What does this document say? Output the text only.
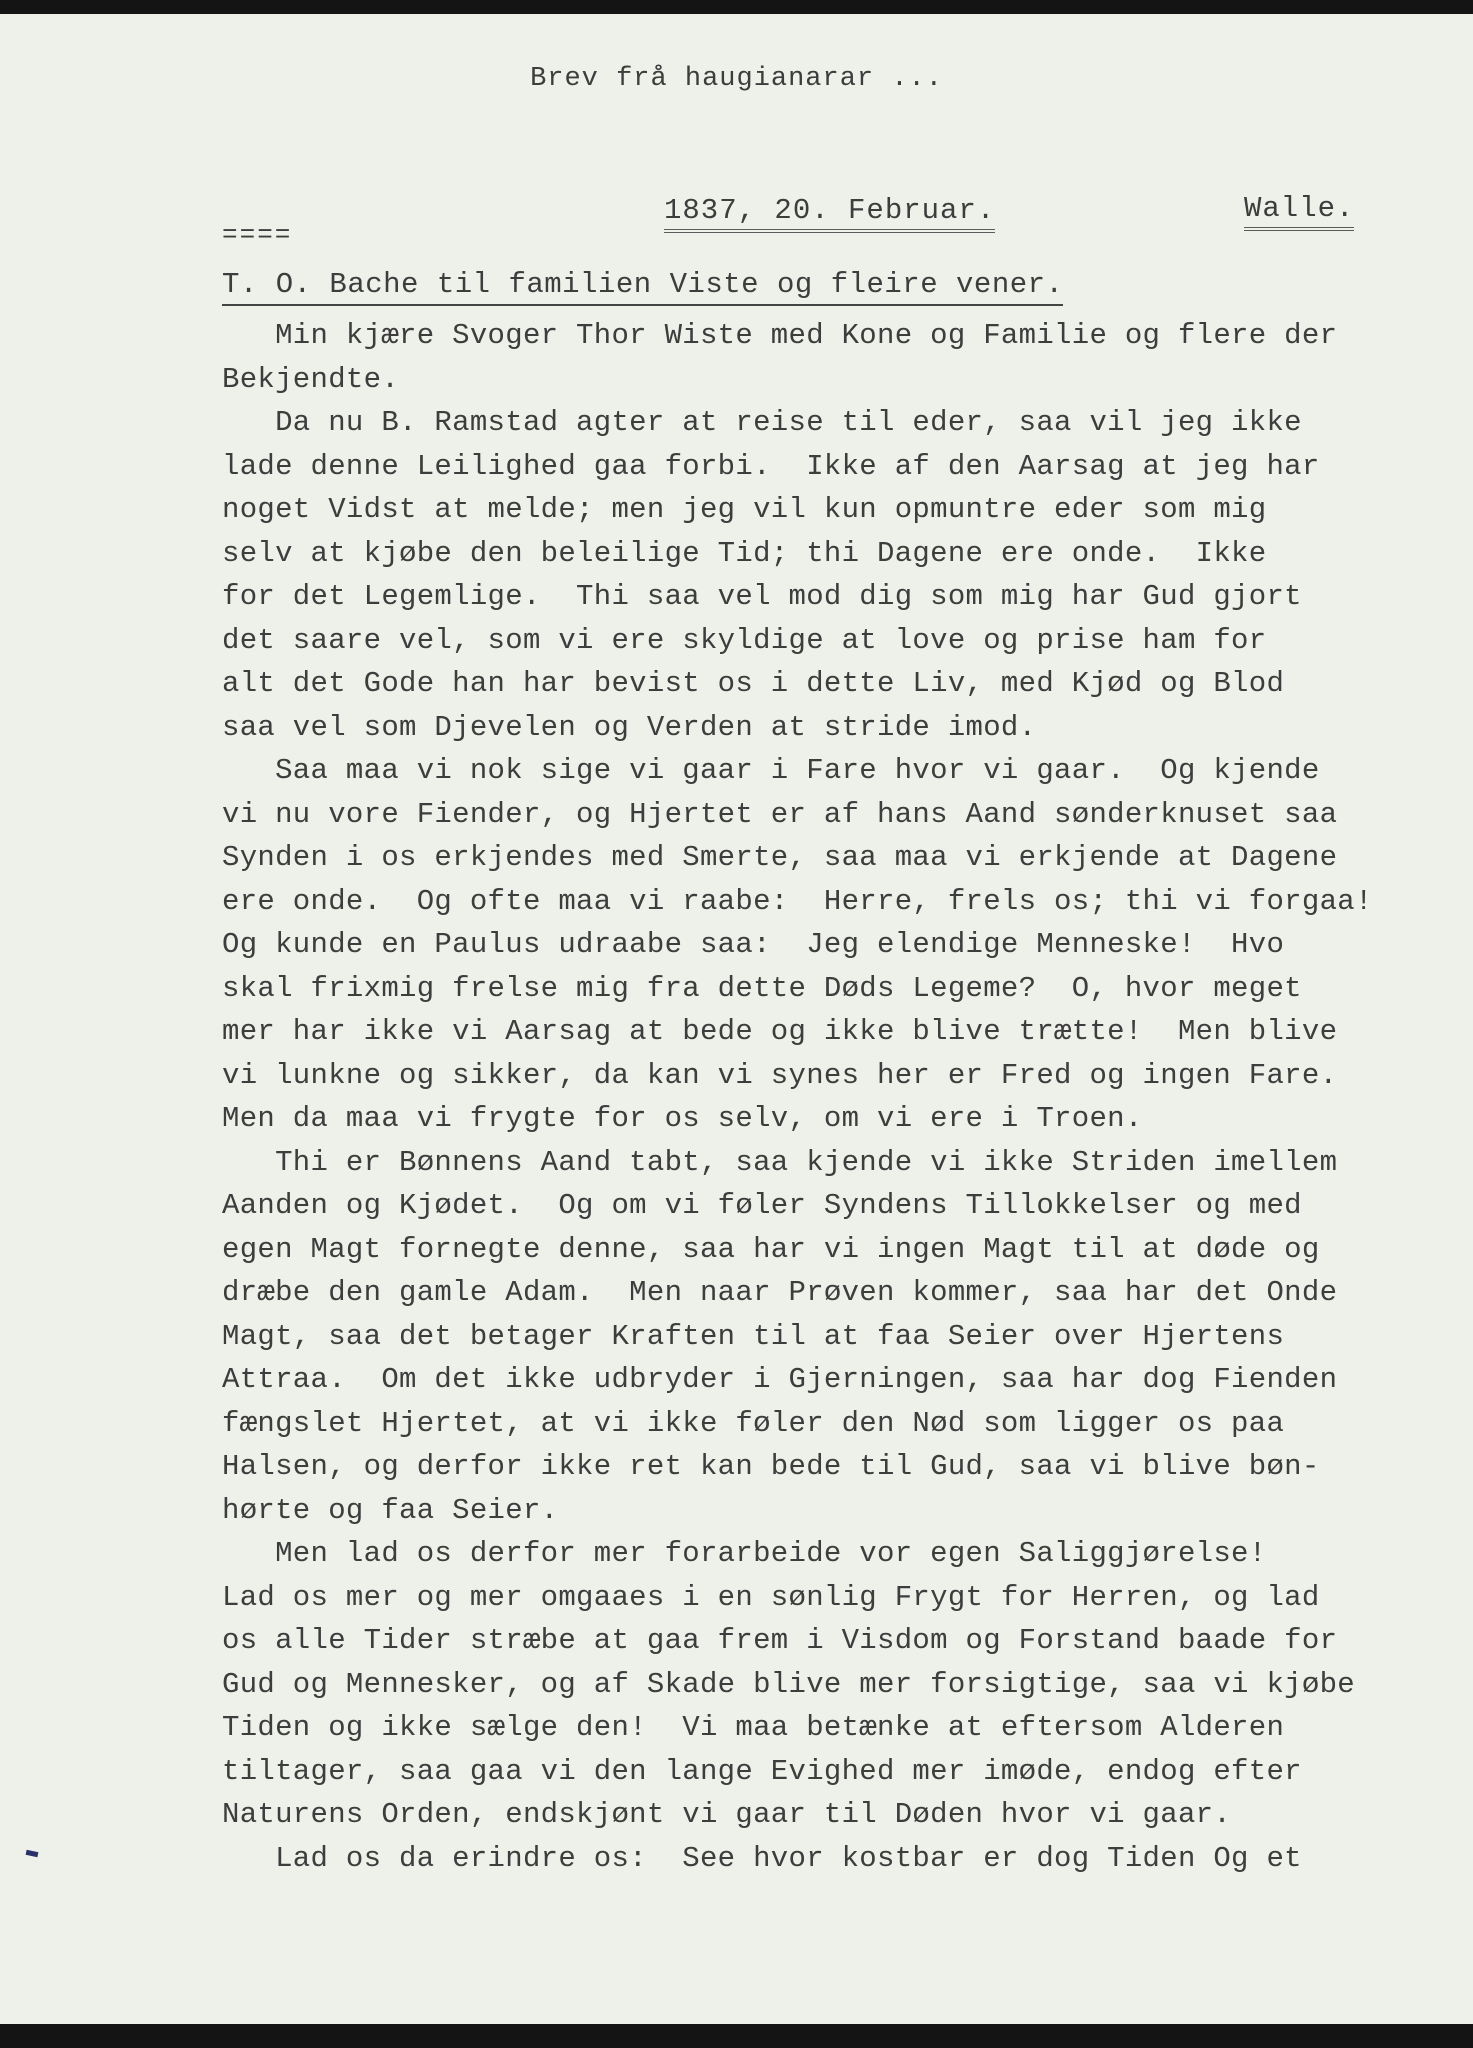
Brev frå haugianarar ...
====
1837, 20. Februar.	Walle.
T. O. Bache til familien Viste og fleire vener.
Min kjære Svoger Thor Wiste med Kone og Familie og flere der
Bekjendte.
Da nu B. Ramstad agter at reise til eder, saa vil jeg ikke
lade denne Leilighed gaa forbi.  Ikke af den Aarsag at jeg har
noget Vidst at melde; men jeg vil kun opmuntre eder som mig
selv at kjøbe den beleilige Tid; thi Dagene ere onde.  Ikke
for det Legemlige.  Thi saa vel mod dig som mig har Gud gjort
det saare vel, som vi ere skyldige at love og prise ham for
alt det Gode han har bevist os i dette Liv, med Kjød og Blod
saa vel som Djevelen og Verden at stride imod.
Saa maa vi nok sige vi gaar i Fare hvor vi gaar.  Og kjende
vi nu vore Fiender, og Hjertet er af hans Aand sønderknuset saa
Synden i os erkjendes med Smerte, saa maa vi erkjende at Dagene
ere onde.  Og ofte maa vi raabe:  Herre, frels os; thi vi forgaa!
Og kunde en Paulus udraabe saa:  Jeg elendige Menneske!  Hvo
skal frixmig frelse mig fra dette Døds Legeme?  O, hvor meget
mer har ikke vi Aarsag at bede og ikke blive trætte!  Men blive
vi lunkne og sikker, da kan vi synes her er Fred og ingen Fare.
Men da maa vi frygte for os selv, om vi ere i Troen.
Thi er Bønnens Aand tabt, saa kjende vi ikke Striden imellem
Aanden og Kjødet.  Og om vi føler Syndens Tillokkelser og med
egen Magt fornegte denne, saa har vi ingen Magt til at døde og
dræbe den gamle Adam.  Men naar Prøven kommer, saa har det Onde
Magt, saa det betager Kraften til at faa Seier over Hjertens
Attraa.  Om det ikke udbryder i Gjerningen, saa har dog Fienden
fængslet Hjertet, at vi ikke føler den Nød som ligger os paa
Halsen, og derfor ikke ret kan bede til Gud, saa vi blive bøn-
hørte og faa Seier.
Men lad os derfor mer forarbeide vor egen Saliggjørelse!
Lad os mer og mer omgaaes i en sønlig Frygt for Herren, og lad
os alle Tider stræbe at gaa frem i Visdom og Forstand baade for
Gud og Mennesker, og af Skade blive mer forsigtige, saa vi kjøbe
Tiden og ikke sælge den!  Vi maa betænke at eftersom Alderen
tiltager, saa gaa vi den lange Evighed mer imøde, endog efter
Naturens Orden, endskjønt vi gaar til Døden hvor vi gaar.
Lad os da erindre os:  See hvor kostbar er dog Tiden Og et
